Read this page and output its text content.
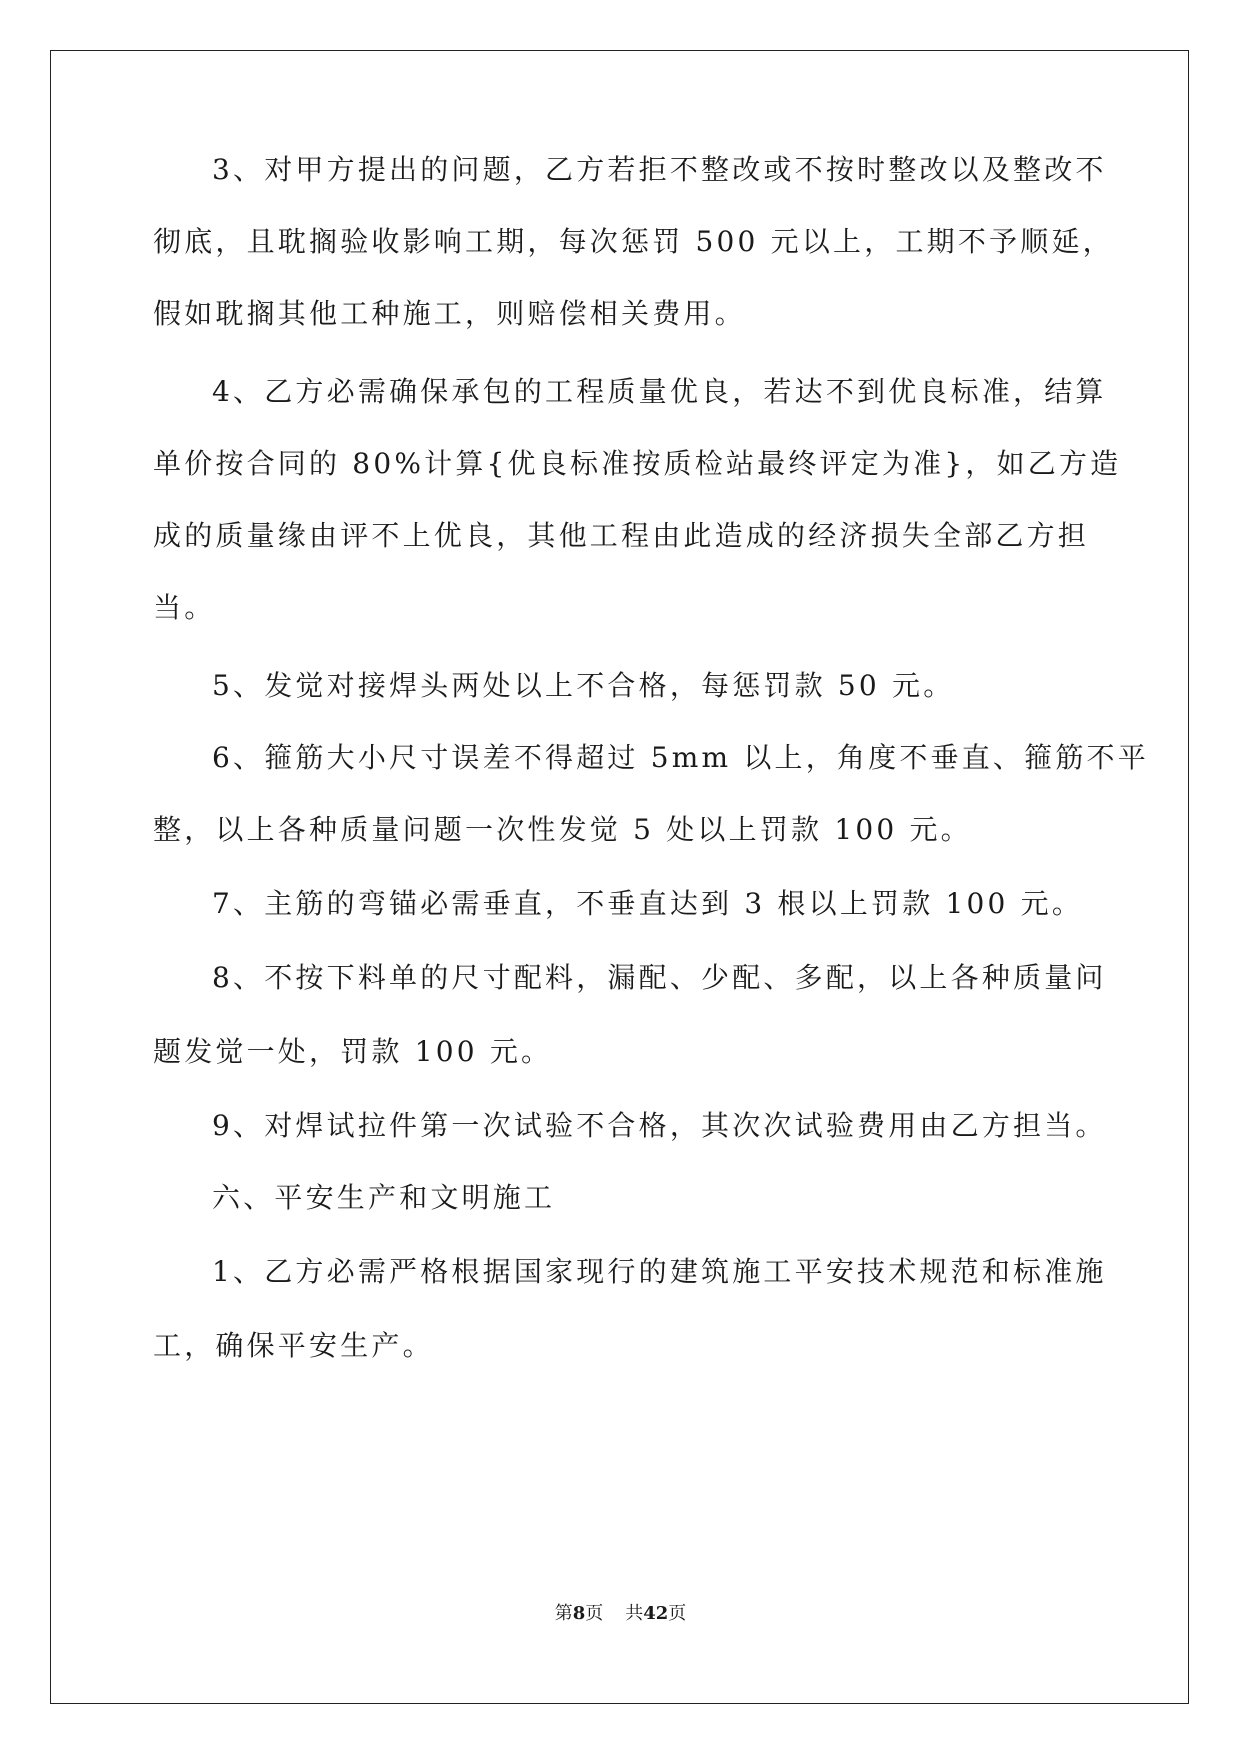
3、对甲方提出的问题，乙方若拒不整改或不按时整改以及整改不
彻底，且耽搁验收影响工期，每次惩罚 500 元以上，工期不予顺延，
假如耽搁其他工种施工，则赔偿相关费用。
4、乙方必需确保承包的工程质量优良，若达不到优良标准，结算
单价按合同的 80%计算{优良标准按质检站最终评定为准}，如乙方造
成的质量缘由评不上优良，其他工程由此造成的经济损失全部乙方担
当。
5、发觉对接焊头两处以上不合格，每惩罚款 50 元。
6、箍筋大小尺寸误差不得超过 5mm 以上，角度不垂直、箍筋不平
整，以上各种质量问题一次性发觉 5 处以上罚款 100 元。
7、主筋的弯锚必需垂直，不垂直达到 3 根以上罚款 100 元。
8、不按下料单的尺寸配料，漏配、少配、多配，以上各种质量问
题发觉一处，罚款 100 元。
9、对焊试拉件第一次试验不合格，其次次试验费用由乙方担当。
六、平安生产和文明施工
1、乙方必需严格根据国家现行的建筑施工平安技术规范和标准施
工，确保平安生产。
第8页 共42页
